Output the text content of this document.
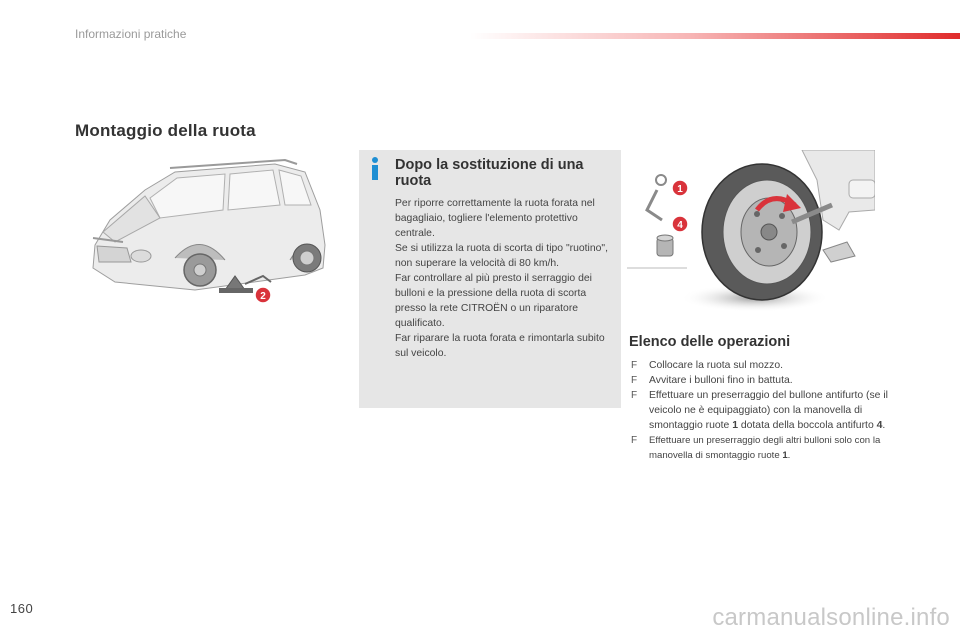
Informazioni pratiche
Montaggio della ruota
2
Dopo la sostituzione di una ruota

Per riporre correttamente la ruota forata nel bagagliaio, togliere l'elemento protettivo centrale.

Se si utilizza la ruota di scorta di tipo "ruotino", non superare la velocità di 80 km/h.

Far controllare al più presto il serraggio dei bulloni e la pressione della ruota di scorta presso la rete CITROËN o un riparatore qualificato.

Far riparare la ruota forata e rimontarla subito sul veicolo.

1
4
Elenco delle operazioni
F Collocare la ruota sul mozzo.
F Avvitare i bulloni fino in battuta.
F Effettuare un preserraggio del bullone antifurto (se il veicolo ne è equipaggiato) con la manovella di smontaggio ruote 1 dotata della boccola antifurto 4.
F Effettuare un preserraggio degli altri bulloni solo con la manovella di smontaggio ruote 1.
160	carmanualsonline.info
